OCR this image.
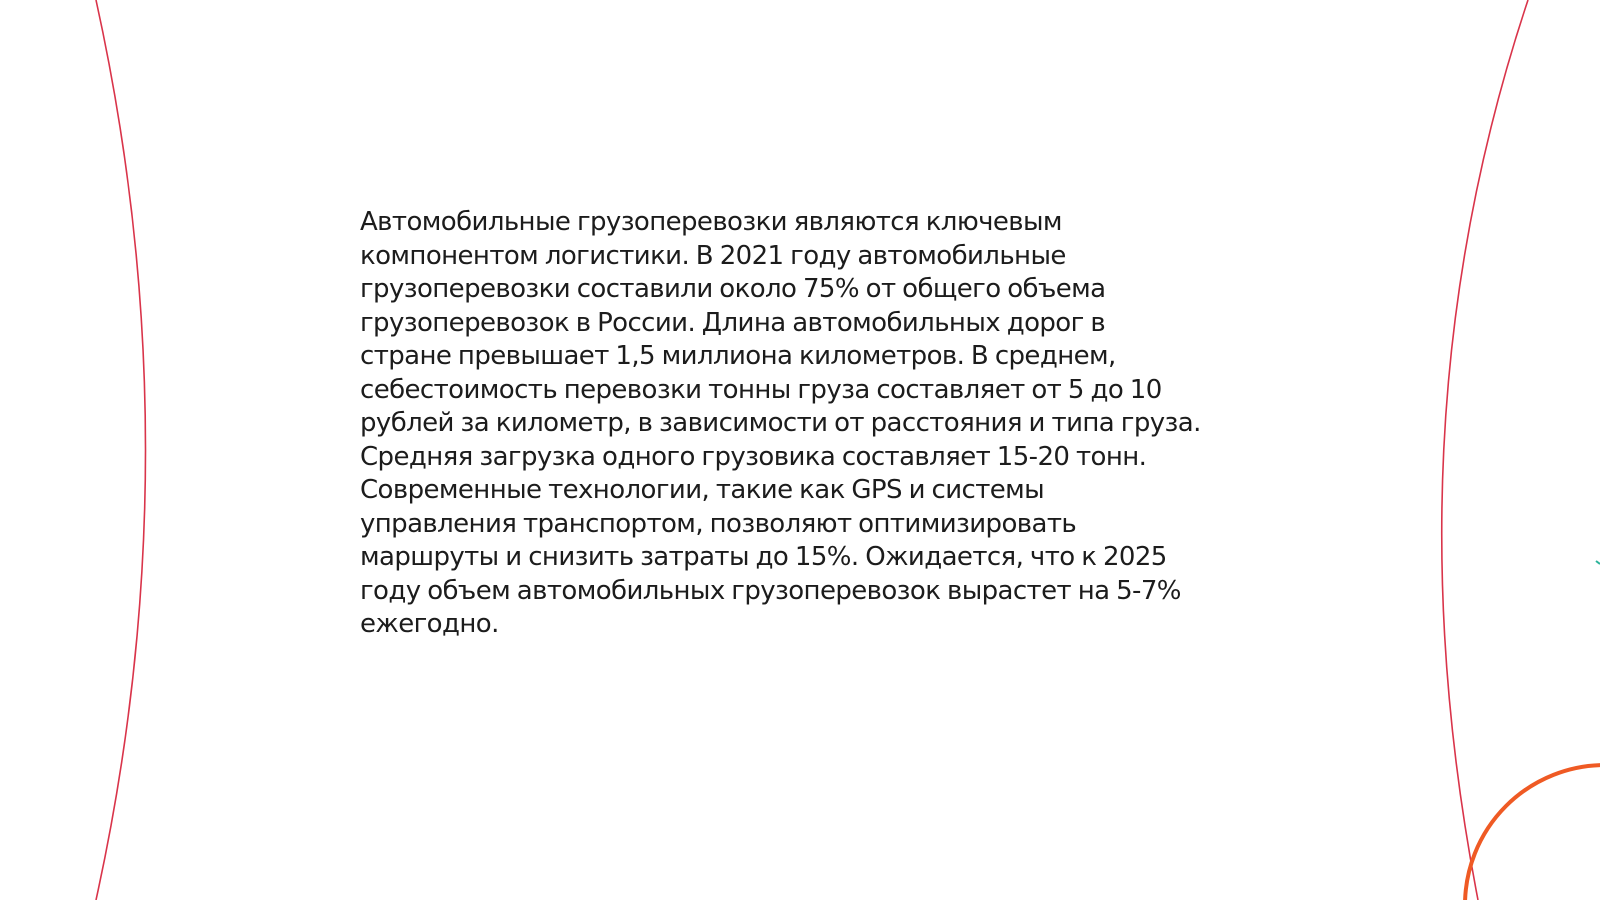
Автомобильные грузоперевозки являются ключевым
компонентом логистики. В 2021 году автомобильные
грузоперевозки составили около 75% от общего объема
грузоперевозок в России. Длина автомобильных дорог в
стране превышает 1,5 миллиона километров. В среднем,
себестоимость перевозки тонны груза составляет от 5 до 10
рублей за километр, в зависимости от расстояния и типа груза.
Средняя загрузка одного грузовика составляет 15-20 тонн.
Современные технологии, такие как GPS и системы
управления транспортом, позволяют оптимизировать
маршруты и снизить затраты до 15%. Ожидается, что к 2025
году объем автомобильных грузоперевозок вырастет на 5-7%
ежегодно.
